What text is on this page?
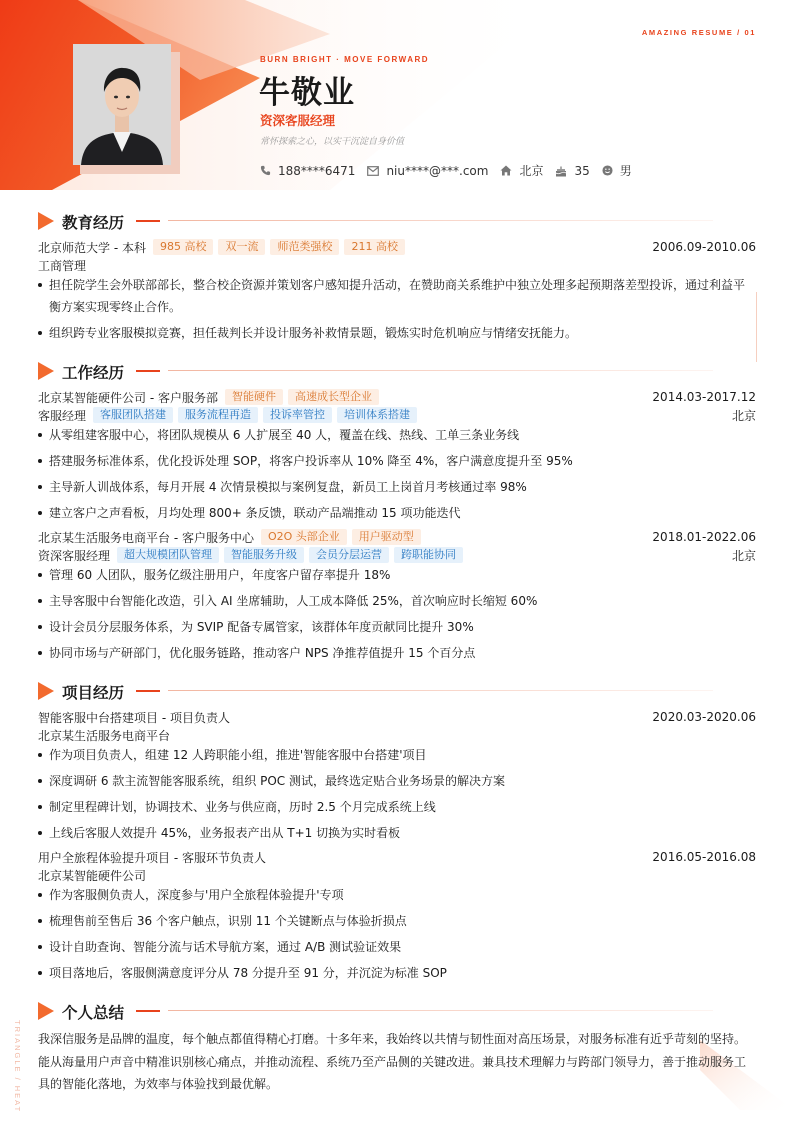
AMAZING RESUME / 01
BURN BRIGHT · MOVE FORWARD
牛敬业
资深客服经理
常怀探索之心，以实干沉淀自身价值
188****6471	niu****@***.com	北京	35	男
教育经历
北京师范大学 - 本科	985 高校	双一流	师范类强校	211 高校	2006.09-2010.06
工商管理
担任院学生会外联部部长，整合校企资源并策划客户感知提升活动，在赞助商关系维护中独立处理多起预期落差型投诉，通过利益平
衡方案实现零终止合作。
组织跨专业客服模拟竞赛，担任裁判长并设计服务补救情景题，锻炼实时危机响应与情绪安抚能力。
工作经历
北京某智能硬件公司 - 客户服务部	智能硬件	高速成长型企业	2014.03-2017.12
客服经理	客服团队搭建	服务流程再造	投诉率管控	培训体系搭建	北京
从零组建客服中心，将团队规模从 6 人扩展至 40 人，覆盖在线、热线、工单三条业务线
搭建服务标准体系，优化投诉处理 SOP，将客户投诉率从 10% 降至 4%，客户满意度提升至 95%
主导新人训战体系，每月开展 4 次情景模拟与案例复盘，新员工上岗首月考核通过率 98%
建立客户之声看板，月均处理 800+ 条反馈，联动产品端推动 15 项功能迭代
北京某生活服务电商平台 - 客户服务中心	O2O 头部企业	用户驱动型	2018.01-2022.06
资深客服经理	超大规模团队管理	智能服务升级	会员分层运营	跨职能协同	北京
管理 60 人团队，服务亿级注册用户，年度客户留存率提升 18%
主导客服中台智能化改造，引入 AI 坐席辅助，人工成本降低 25%，首次响应时长缩短 60%
设计会员分层服务体系，为 SVIP 配备专属管家，该群体年度贡献同比提升 30%
协同市场与产研部门，优化服务链路，推动客户 NPS 净推荐值提升 15 个百分点
项目经历
智能客服中台搭建项目 - 项目负责人	2020.03-2020.06
北京某生活服务电商平台
作为项目负责人，组建 12 人跨职能小组，推进'智能客服中台搭建'项目
深度调研 6 款主流智能客服系统，组织 POC 测试，最终选定贴合业务场景的解决方案
制定里程碑计划，协调技术、业务与供应商，历时 2.5 个月完成系统上线
上线后客服人效提升 45%，业务报表产出从 T+1 切换为实时看板
用户全旅程体验提升项目 - 客服环节负责人	2016.05-2016.08
北京某智能硬件公司
作为客服侧负责人，深度参与'用户全旅程体验提升'专项
梳理售前至售后 36 个客户触点，识别 11 个关键断点与体验折损点
设计自助查询、智能分流与话术导航方案，通过 A/B 测试验证效果
项目落地后，客服侧满意度评分从 78 分提升至 91 分，并沉淀为标准 SOP
个人总结
我深信服务是品牌的温度，每个触点都值得精心打磨。十多年来，我始终以共情与韧性面对高压场景，对服务标准有近乎苛刻的坚持。
能从海量用户声音中精准识别核心痛点，并推动流程、系统乃至产品侧的关键改进。兼具技术理解力与跨部门领导力，善于推动服务工
具的智能化落地，为效率与体验找到最优解。
TRIANGLE / HEAT
